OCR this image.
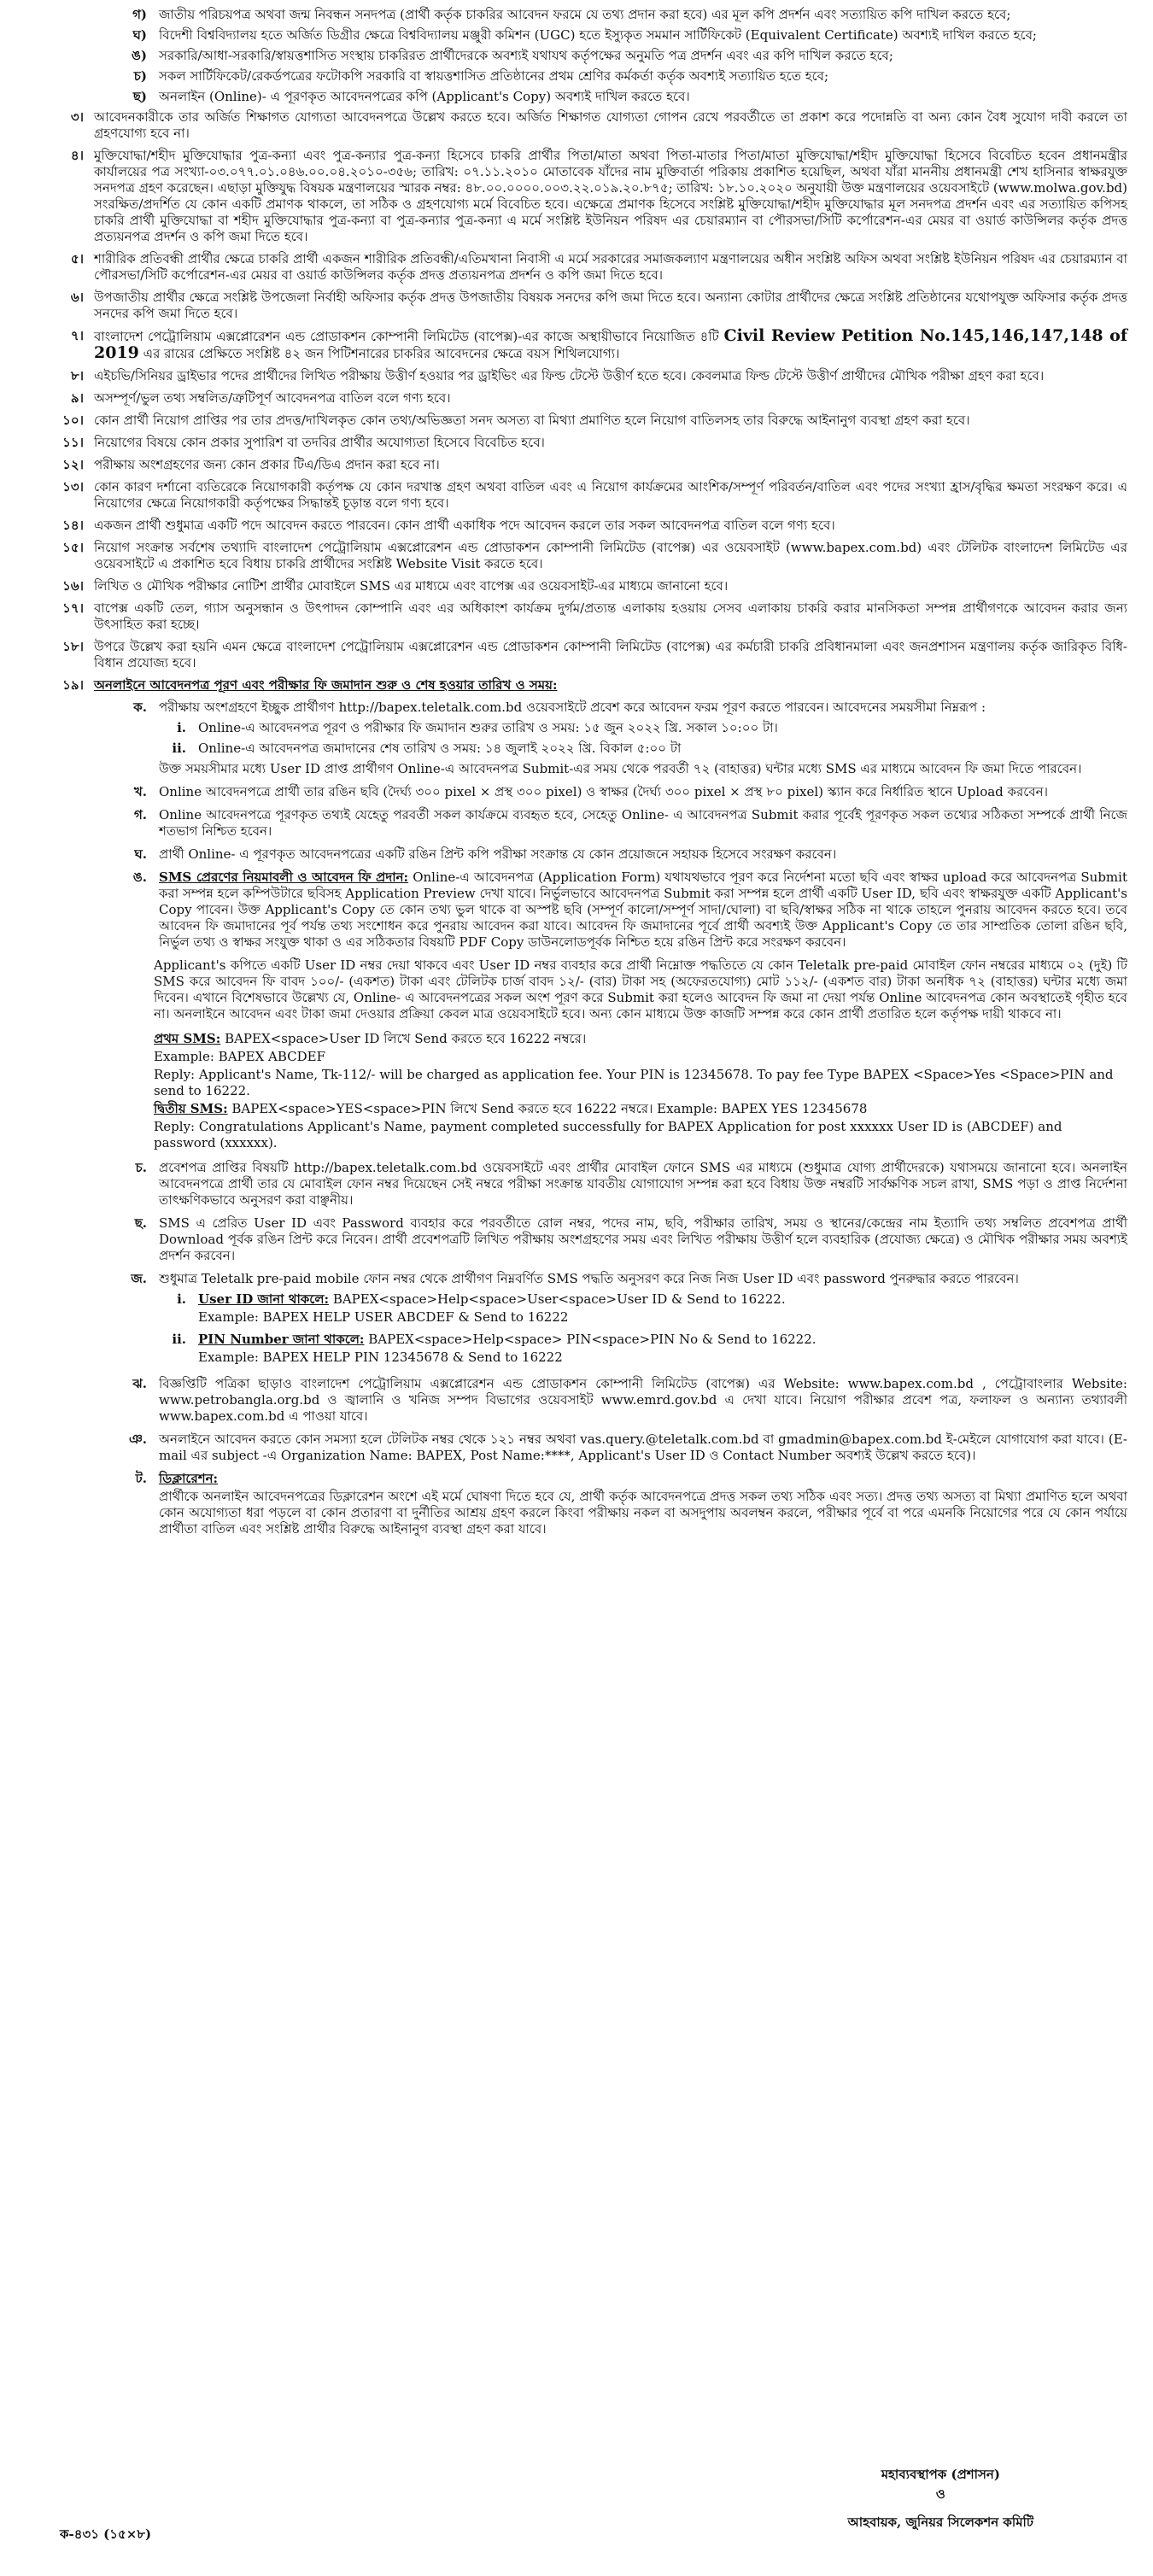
গ) জাতীয় পরিচয়পত্র অথবা জন্ম নিবন্ধন সনদপত্র (প্রার্থী কর্তৃক চাকরির আবেদন ফরমে যে তথ্য প্রদান করা হবে) এর মূল কপি প্রদর্শন এবং সত্যায়িত কপি দাখিল করতে হবে;
ঘ) বিদেশী বিশ্ববিদ্যালয় হতে অর্জিত ডিগ্রীর ক্ষেত্রে বিশ্ববিদ্যালয় মঞ্জুরী কমিশন (UGC) হতে ইস্যুকৃত সমমান সার্টিফিকেট (Equivalent Certificate) অবশ্যই দাখিল করতে হবে;
ঙ) সরকারি/আধা-সরকারি/স্বায়ত্তশাসিত সংস্থায় চাকরিরত প্রার্থীদেরকে অবশ্যই যথাযথ কর্তৃপক্ষের অনুমতি পত্র প্রদর্শন এবং এর কপি দাখিল করতে হবে;
চ) সকল সার্টিফিকেট/রেকর্ডপত্রের ফটোকপি সরকারি বা স্বায়ত্তশাসিত প্রতিষ্ঠানের প্রথম শ্রেণির কর্মকর্তা কর্তৃক অবশ্যই সত্যায়িত হতে হবে;
ছ) অনলাইন (Online)- এ পূরণকৃত আবেদনপত্রের কপি (Applicant's Copy) অবশ্যই দাখিল করতে হবে।
৩। আবেদনকারীকে তার অর্জিত শিক্ষাগত যোগ্যতা আবেদনপত্রে উল্লেখ করতে হবে। অর্জিত শিক্ষাগত যোগ্যতা গোপন রেখে পরবর্তীতে তা প্রকাশ করে পদোন্নতি বা অন্য কোন বৈধ সুযোগ দাবী করলে তা গ্রহণযোগ্য হবে না।
৪। মুক্তিযোদ্ধা/শহীদ মুক্তিযোদ্ধার পুত্র-কন্যা এবং পুত্র-কন্যার পুত্র-কন্যা হিসেবে চাকরি প্রার্থীর পিতা/মাতা অথবা পিতা-মাতার পিতা/মাতা মুক্তিযোদ্ধা/শহীদ মুক্তিযোদ্ধা হিসেবে বিবেচিত হবেন প্রধানমন্ত্রীর কার্যালয়ের পত্র সংখ্যা-০৩.০৭৭.০১.০৪৬.০০.০৪.২০১০-৩৫৬; তারিখ: ০৭.১১.২০১০ মোতাবেক যাঁদের নাম মুক্তিবার্তা পরিকায় প্রকাশিত হয়েছিল, অথবা যাঁরা মাননীয় প্রধানমন্ত্রী শেখ হাসিনার স্বাক্ষরযুক্ত সনদপত্র গ্রহণ করেছেন। এছাড়া মুক্তিযুদ্ধ বিষয়ক মন্ত্রণালয়ের স্মারক নম্বর: ৪৮.০০.০০০০.০০৩.২২.০১৯.২০.৮৭৫; তারিখ: ১৮.১০.২০২০ অনুযায়ী উক্ত মন্ত্রণালয়ের ওয়েবসাইটে (www.molwa.gov.bd) সংরক্ষিত/প্রদর্শিত যে কোন একটি প্রমাণক থাকলে, তা সঠিক ও গ্রহণযোগ্য মর্মে বিবেচিত হবে। এক্ষেত্রে প্রমাণক হিসেবে সংশ্লিষ্ট মুক্তিযোদ্ধা/শহীদ মুক্তিযোদ্ধার মূল সনদপত্র প্রদর্শন এবং এর সত্যায়িত কপিসহ চাকরি প্রার্থী মুক্তিযোদ্ধা বা শহীদ মুক্তিযোদ্ধার পুত্র-কন্যা বা পুত্র-কন্যার পুত্র-কন্যা এ মর্মে সংশ্লিষ্ট ইউনিয়ন পরিষদ এর চেয়ারম্যান বা পৌরসভা/সিটি কর্পোরেশন-এর মেয়র বা ওয়ার্ড কাউন্সিলর কর্তৃক প্রদত্ত প্রত্যয়নপত্র প্রদর্শন ও কপি জমা দিতে হবে।
৫। শারীরিক প্রতিবন্ধী প্রার্থীর ক্ষেত্রে চাকরি প্রার্থী একজন শারীরিক প্রতিবন্ধী/এতিমখানা নিবাসী এ মর্মে সরকারের সমাজকল্যাণ মন্ত্রণালয়ের অধীন সংশ্লিষ্ট অফিস অথবা সংশ্লিষ্ট ইউনিয়ন পরিষদ এর চেয়ারম্যান বা পৌরসভা/সিটি কর্পোরেশন-এর মেয়র বা ওয়ার্ড কাউন্সিলর কর্তৃক প্রদত্ত প্রত্যয়নপত্র প্রদর্শন ও কপি জমা দিতে হবে।
৬। উপজাতীয় প্রার্থীর ক্ষেত্রে সংশ্লিষ্ট উপজেলা নির্বাহী অফিসার কর্তৃক প্রদত্ত উপজাতীয় বিষয়ক সনদের কপি জমা দিতে হবে। অন্যান্য কোটার প্রার্থীদের ক্ষেত্রে সংশ্লিষ্ট প্রতিষ্ঠানের যথোপযুক্ত অফিসার কর্তৃক প্রদত্ত সনদের কপি জমা দিতে হবে।
৭। বাংলাদেশ পেট্রোলিয়াম এক্সপ্লোরেশন এন্ড প্রোডাকশন কোম্পানী লিমিটেড (বাপেক্স)-এর কাজে অস্থায়ীভাবে নিয়োজিত ৪টি Civil Review Petition No.145,146,147,148 of 2019 এর রায়ের প্রেক্ষিতে সংশ্লিষ্ট ৪২ জন পিটিশনারের চাকরির আবেদনের ক্ষেত্রে বয়স শিথিলযোগ্য।
৮। এইচভি/সিনিয়র ড্রাইভার পদের প্রার্থীদের লিখিত পরীক্ষায় উত্তীর্ণ হওয়ার পর ড্রাইভিং এর ফিল্ড টেস্টে উত্তীর্ণ হতে হবে। কেবলমাত্র ফিল্ড টেস্টে উত্তীর্ণ প্রার্থীদের মৌখিক পরীক্ষা গ্রহণ করা হবে।
৯। অসম্পূর্ণ/ভুল তথ্য সম্বলিত/ত্রুটিপূর্ণ আবেদনপত্র বাতিল বলে গণ্য হবে।
১০। কোন প্রার্থী নিয়োগ প্রাপ্তির পর তার প্রদত্ত/দাখিলকৃত কোন তথ্য/অভিজ্ঞতা সনদ অসত্য বা মিথ্যা প্রমাণিত হলে নিয়োগ বাতিলসহ তার বিরুদ্ধে আইনানুগ ব্যবস্থা গ্রহণ করা হবে।
১১। নিয়োগের বিষয়ে কোন প্রকার সুপারিশ বা তদবির প্রার্থীর অযোগ্যতা হিসেবে বিবেচিত হবে।
১২। পরীক্ষায় অংশগ্রহণের জন্য কোন প্রকার টিএ/ডিএ প্রদান করা হবে না।
১৩। কোন কারণ দর্শানো ব্যতিরেকে নিয়োগকারী কর্তৃপক্ষ যে কোন দরখাস্ত গ্রহণ অথবা বাতিল এবং এ নিয়োগ কার্যক্রমের আংশিক/সম্পূর্ণ পরিবর্তন/বাতিল এবং পদের সংখ্যা হ্রাস/বৃদ্ধির ক্ষমতা সংরক্ষণ করে। এ নিয়োগের ক্ষেত্রে নিয়োগকারী কর্তৃপক্ষের সিদ্ধান্তই চূড়ান্ত বলে গণ্য হবে।
১৪। একজন প্রার্থী শুধুমাত্র একটি পদে আবেদন করতে পারবেন। কোন প্রার্থী একাধিক পদে আবেদন করলে তার সকল আবেদনপত্র বাতিল বলে গণ্য হবে।
১৫। নিয়োগ সংক্রান্ত সর্বশেষ তথ্যাদি বাংলাদেশ পেট্রোলিয়াম এক্সপ্লোরেশন এন্ড প্রোডাকশন কোম্পানী লিমিটেড (বাপেক্স) এর ওয়েবসাইট (www.bapex.com.bd) এবং টেলিটক বাংলাদেশ লিমিটেড এর ওয়েবসাইটে এ প্রকাশিত হবে বিধায় চাকরি প্রার্থীদের সংশ্লিষ্ট Website Visit করতে হবে।
১৬। লিখিত ও মৌখিক পরীক্ষার নোটিশ প্রার্থীর মোবাইলে SMS এর মাধ্যমে এবং বাপেক্স এর ওয়েবসাইট-এর মাধ্যমে জানানো হবে।
১৭। বাপেক্স একটি তেল, গ্যাস অনুসন্ধান ও উৎপাদন কোম্পানি এবং এর অধিকাংশ কার্যক্রম দুর্গম/প্রত্যন্ত এলাকায় হওয়ায় সেসব এলাকায় চাকরি করার মানসিকতা সম্পন্ন প্রার্থীগণকে আবেদন করার জন্য উৎসাহিত করা হচ্ছে।
১৮। উপরে উল্লেখ করা হয়নি এমন ক্ষেত্রে বাংলাদেশ পেট্রোলিয়াম এক্সপ্লোরেশন এন্ড প্রোডাকশন কোম্পানী লিমিটেড (বাপেক্স) এর কর্মচারী চাকরি প্রবিধানমালা এবং জনপ্রশাসন মন্ত্রণালয় কর্তৃক জারিকৃত বিধি-বিধান প্রযোজ্য হবে।
১৯। অনলাইনে আবেদনপত্র পূরণ এবং পরীক্ষার ফি জমাদান শুরু ও শেষ হওয়ার তারিখ ও সময়:
ক. পরীক্ষায় অংশগ্রহণে ইচ্ছুক প্রার্থীগণ http://bapex.teletalk.com.bd ওয়েবসাইটে প্রবেশ করে আবেদন ফরম পূরণ করতে পারবেন। আবেদনের সময়সীমা নিম্নরূপ :
i. Online-এ আবেদনপত্র পূরণ ও পরীক্ষার ফি জমাদান শুরুর তারিখ ও সময়: ১৫ জুন ২০২২ খ্রি. সকাল ১০:০০ টা।
ii. Online-এ আবেদনপত্র জমাদানের শেষ তারিখ ও সময়: ১৪ জুলাই ২০২২ খ্রি. বিকাল ৫:০০ টা
উক্ত সময়সীমার মধ্যে User ID প্রাপ্ত প্রার্থীগণ Online-এ আবেদনপত্র Submit-এর সময় থেকে পরবর্তী ৭২ (বাহাত্তর) ঘন্টার মধ্যে SMS এর মাধ্যমে আবেদন ফি জমা দিতে পারবেন।
খ. Online আবেদনপত্রে প্রার্থী তার রঙিন ছবি (দৈর্ঘ্য ৩০০ pixel × প্রস্থ ৩০০ pixel) ও স্বাক্ষর (দৈর্ঘ্য ৩০০ pixel × প্রস্থ ৮০ pixel) স্ক্যান করে নির্ধারিত স্থানে Upload করবেন।
গ. Online আবেদনপত্রে পূরণকৃত তথ্যই যেহেতু পরবর্তী সকল কার্যক্রমে ব্যবহৃত হবে, সেহেতু Online- এ আবেদনপত্র Submit করার পূর্বেই পূরণকৃত সকল তথ্যের সঠিকতা সম্পর্কে প্রার্থী নিজে শতভাগ নিশ্চিত হবেন।
ঘ. প্রার্থী Online- এ পূরণকৃত আবেদনপত্রের একটি রঙিন প্রিন্ট কপি পরীক্ষা সংক্রান্ত যে কোন প্রয়োজনে সহায়ক হিসেবে সংরক্ষণ করবেন।
ঙ. SMS প্রেরণের নিয়মাবলী ও আবেদন ফি প্রদান: Online-এ আবেদনপত্র (Application Form) যথাযথভাবে পূরণ করে নির্দেশনা মতো ছবি এবং স্বাক্ষর upload করে আবেদনপত্র Submit করা সম্পন্ন হলে কম্পিউটারে ছবিসহ Application Preview দেখা যাবে। নির্ভুলভাবে আবেদনপত্র Submit করা সম্পন্ন হলে প্রার্থী একটি User ID, ছবি এবং স্বাক্ষরযুক্ত একটি Applicant's Copy পাবেন। উক্ত Applicant's Copy তে কোন তথ্য ভুল থাকে বা অস্পষ্ট ছবি (সম্পূর্ণ কালো/সম্পূর্ণ সাদা/ঘোলা) বা ছবি/স্বাক্ষর সঠিক না থাকে তাহলে পুনরায় আবেদন করতে হবে। তবে আবেদন ফি জমাদানের পূর্ব পর্যন্ত তথ্য সংশোধন করে পুনরায় আবেদন করা যাবে। আবেদন ফি জমাদানের পূর্বে প্রার্থী অবশ্যই উক্ত Applicant's Copy তে তার সাম্প্রতিক তোলা রঙিন ছবি, নির্ভুল তথ্য ও স্বাক্ষর সংযুক্ত থাকা ও এর সঠিকতার বিষয়টি PDF Copy ডাউনলোডপূর্বক নিশ্চিত হয়ে রঙিন প্রিন্ট করে সংরক্ষণ করবেন।
Applicant's কপিতে একটি User ID নম্বর দেয়া থাকবে এবং User ID নম্বর ব্যবহার করে প্রার্থী নিম্নোক্ত পদ্ধতিতে যে কোন Teletalk pre-paid মোবাইল ফোন নম্বরের মাধ্যমে ০২ (দুই) টি SMS করে আবেদন ফি বাবদ ১০০/- (একশত) টাকা এবং টেলিটক চার্জ বাবদ ১২/- (বার) টাকা সহ (অফেরতযোগ্য) মোট ১১২/- (একশত বার) টাকা অনধিক ৭২ (বাহাত্তর) ঘন্টার মধ্যে জমা দিবেন। এখানে বিশেষভাবে উল্লেখ্য যে, Online- এ আবেদনপত্রের সকল অংশ পূরণ করে Submit করা হলেও আবেদন ফি জমা না দেয়া পর্যন্ত Online আবেদনপত্র কোন অবস্থাতেই গৃহীত হবে না। অনলাইনে আবেদন এবং টাকা জমা দেওয়ার প্রক্রিয়া কেবল মাত্র ওয়েবসাইটে হবে। অন্য কোন মাধ্যমে উক্ত কাজটি সম্পন্ন করে কোন প্রার্থী প্রতারিত হলে কর্তৃপক্ষ দায়ী থাকবে না।
প্রথম SMS: BAPEX<space>User ID লিখে Send করতে হবে 16222 নম্বরে।
Example: BAPEX ABCDEF
Reply: Applicant's Name, Tk-112/- will be charged as application fee. Your PIN is 12345678. To pay fee Type BAPEX <Space>Yes <Space>PIN and send to 16222.
দ্বিতীয় SMS: BAPEX<space>YES<space>PIN লিখে Send করতে হবে 16222 নম্বরে। Example: BAPEX YES 12345678
Reply: Congratulations Applicant's Name, payment completed successfully for BAPEX Application for post xxxxxx User ID is (ABCDEF) and password (xxxxxx).
চ. প্রবেশপত্র প্রাপ্তির বিষয়টি http://bapex.teletalk.com.bd ওয়েবসাইটে এবং প্রার্থীর মোবাইল ফোনে SMS এর মাধ্যমে (শুধুমাত্র যোগ্য প্রার্থীদেরকে) যথাসময়ে জানানো হবে। অনলাইন আবেদনপত্রে প্রার্থী তার যে মোবাইল ফোন নম্বর দিয়েছেন সেই নম্বরে পরীক্ষা সংক্রান্ত যাবতীয় যোগাযোগ সম্পন্ন করা হবে বিধায় উক্ত নম্বরটি সার্বক্ষণিক সচল রাখা, SMS পড়া ও প্রাপ্ত নির্দেশনা তাৎক্ষণিকভাবে অনুসরণ করা বাঞ্ছনীয়।
ছ. SMS এ প্রেরিত User ID এবং Password ব্যবহার করে পরবর্তীতে রোল নম্বর, পদের নাম, ছবি, পরীক্ষার তারিখ, সময় ও স্থানের/কেন্দ্রের নাম ইত্যাদি তথ্য সম্বলিত প্রবেশপত্র প্রার্থী Download পূর্বক রঙিন প্রিন্ট করে নিবেন। প্রার্থী প্রবেশপত্রটি লিখিত পরীক্ষায় অংশগ্রহণের সময় এবং লিখিত পরীক্ষায় উত্তীর্ণ হলে ব্যবহারিক (প্রযোজ্য ক্ষেত্রে) ও মৌখিক পরীক্ষার সময় অবশ্যই প্রদর্শন করবেন।
জ. শুধুমাত্র Teletalk pre-paid mobile ফোন নম্বর থেকে প্রার্থীগণ নিম্নবর্ণিত SMS পদ্ধতি অনুসরণ করে নিজ নিজ User ID এবং password পুনরুদ্ধার করতে পারবেন।
i. User ID জানা থাকলে: BAPEX<space>Help<space>User<space>User ID & Send to 16222.
Example: BAPEX HELP USER ABCDEF & Send to 16222
ii. PIN Number জানা থাকলে: BAPEX<space>Help<space> PIN<space>PIN No & Send to 16222.
Example: BAPEX HELP PIN 12345678 & Send to 16222
ঝ. বিজ্ঞপ্তিটি পত্রিকা ছাড়াও বাংলাদেশ পেট্রোলিয়াম এক্সপ্লোরেশন এন্ড প্রোডাকশন কোম্পানী লিমিটেড (বাপেক্স) এর Website: www.bapex.com.bd , পেট্রোবাংলার Website: www.petrobangla.org.bd ও জ্বালানি ও খনিজ সম্পদ বিভাগের ওয়েবসাইট www.emrd.gov.bd এ দেখা যাবে। নিয়োগ পরীক্ষার প্রবেশ পত্র, ফলাফল ও অন্যান্য তথ্যাবলী www.bapex.com.bd এ পাওয়া যাবে।
ঞ. অনলাইনে আবেদন করতে কোন সমস্যা হলে টেলিটক নম্বর থেকে ১২১ নম্বর অথবা vas.query.@teletalk.com.bd বা gmadmin@bapex.com.bd ই-মেইলে যোগাযোগ করা যাবে। (E-mail এর subject -এ Organization Name: BAPEX, Post Name:****, Applicant's User ID ও Contact Number অবশ্যই উল্লেখ করতে হবে)।
ট. ডিক্লারেশন:
প্রার্থীকে অনলাইন আবেদনপত্রের ডিক্লারেশন অংশে এই মর্মে ঘোষণা দিতে হবে যে, প্রার্থী কর্তৃক আবেদনপত্রে প্রদত্ত সকল তথ্য সঠিক এবং সত্য। প্রদত্ত তথ্য অসত্য বা মিথ্যা প্রমাণিত হলে অথবা কোন অযোগ্যতা ধরা পড়লে বা কোন প্রতারণা বা দুর্নীতির আশ্রয় গ্রহণ করলে কিংবা পরীক্ষায় নকল বা অসদুপায় অবলম্বন করলে, পরীক্ষার পূর্বে বা পরে এমনকি নিয়োগের পরে যে কোন পর্যায়ে প্রার্থীতা বাতিল এবং সংশ্লিষ্ট প্রার্থীর বিরুদ্ধে আইনানুগ ব্যবস্থা গ্রহণ করা যাবে।
মহাব্যবস্থাপক (প্রশাসন)
ও
আহবায়ক, জুনিয়র সিলেকশন কমিটি
ক-৪৩১ (১৫×৮)
